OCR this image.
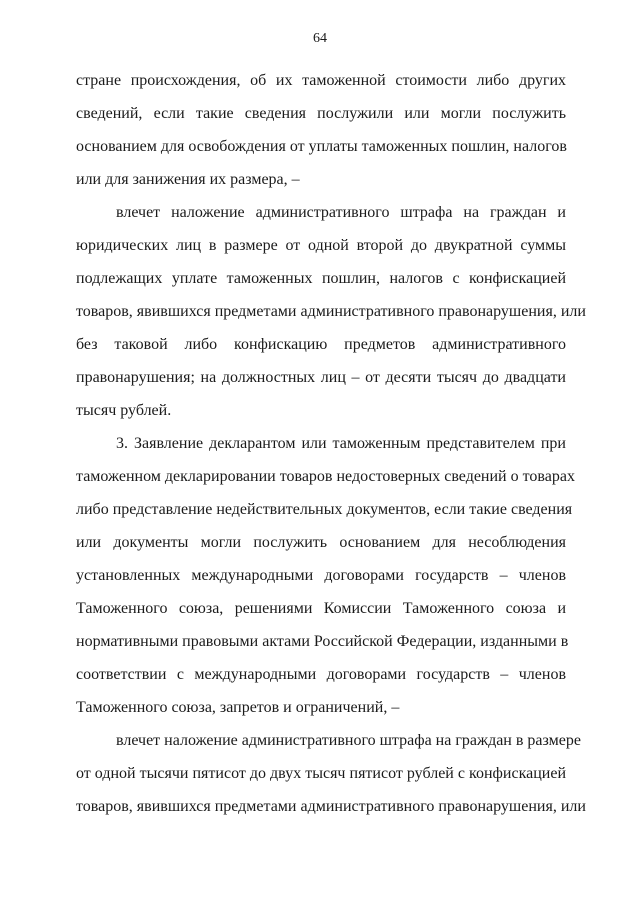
64
стране происхождения, об их таможенной стоимости либо других
сведений, если такие сведения послужили или могли послужить
основанием для освобождения от уплаты таможенных пошлин, налогов
или для занижения их размера, –
влечет наложение административного штрафа на граждан и
юридических лиц в размере от одной второй до двукратной суммы
подлежащих уплате таможенных пошлин, налогов с конфискацией
товаров, явившихся предметами административного правонарушения, или
без таковой либо конфискацию предметов административного
правонарушения; на должностных лиц – от десяти тысяч до двадцати
тысяч рублей.
3. Заявление декларантом или таможенным представителем при
таможенном декларировании товаров недостоверных сведений о товарах
либо представление недействительных документов, если такие сведения
или документы могли послужить основанием для несоблюдения
установленных международными договорами государств – членов
Таможенного союза, решениями Комиссии Таможенного союза и
нормативными правовыми актами Российской Федерации, изданными в
соответствии с международными договорами государств – членов
Таможенного союза, запретов и ограничений, –
влечет наложение административного штрафа на граждан в размере
от одной тысячи пятисот до двух тысяч пятисот рублей с конфискацией
товаров, явившихся предметами административного правонарушения, или
